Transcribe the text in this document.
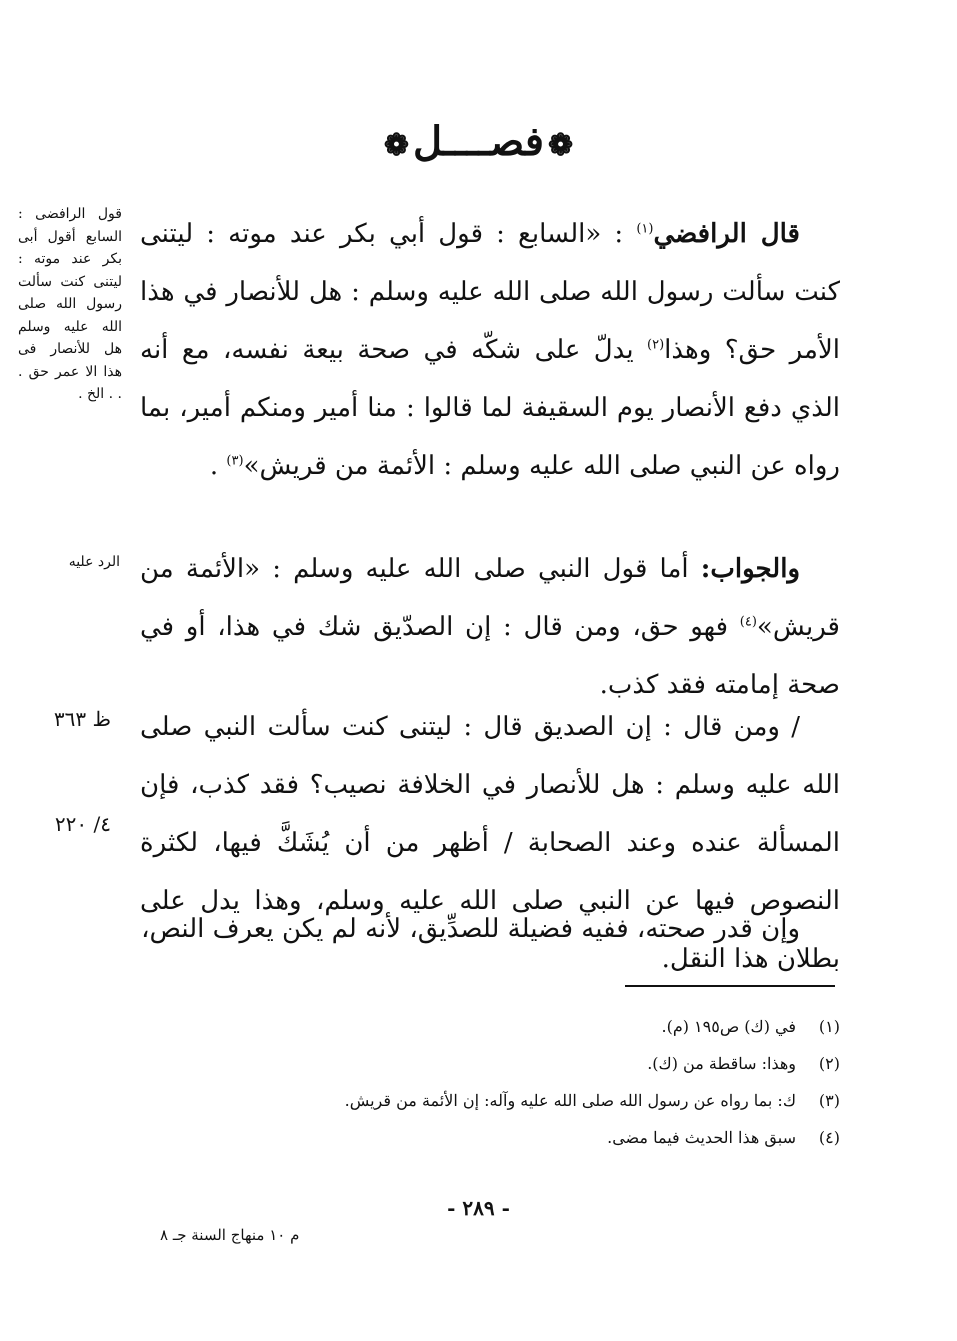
❁فصــــل❁

قال الرافضي$^{(١)}$ : «السابع : قول أبي بكر عند موته : ليتنى كنت سألت رسول الله صلى الله عليه وسلم : هل للأنصار في هذا الأمر حق؟ وهذا$^{(٢)}$ يدلّ على شكّه في صحة بيعة نفسه، مع أنه الذي دفع الأنصار يوم السقيفة لما قالوا : منا أمير ومنكم أمير، بما رواه عن النبي صلى الله عليه وسلم : الأئمة من قريش»$^{(٣)}$ .

والجواب: أما قول النبي صلى الله عليه وسلم : «الأئمة من قريش»$^{(٤)}$ فهو حق، ومن قال : إن الصدّيق شك في هذا، أو في صحة إمامته فقد كذب.

/ ومن قال : إن الصديق قال : ليتنى كنت سألت النبي صلى الله عليه وسلم : هل للأنصار في الخلافة نصيب؟ فقد كذب، فإن المسألة عنده وعند الصحابة / أظهر من أن يُشَكَّ فيها، لكثرة النصوص فيها عن النبي صلى الله عليه وسلم، وهذا يدل على بطلان هذا النقل.

وإن قدر صحته، ففيه فضيلة للصدِّيق، لأنه لم يكن يعرف النص،

قول الرافضى : السابع أقول أبى بكر عند موته : ليتنى كنت سألت رسول الله صلى الله عليه وسلم هل للأنصار فى هذا الا عمر حق . . . الخ .
الرد عليه
ظ ٣٦٣
٤/ ٢٢٠
(١)
في (ك) ص١٩٥ (م).
(٢)
وهذا: ساقطة من (ك).
(٣)
ك: بما رواه عن رسول الله صلى الله عليه وآله: إن الأئمة من قريش.
(٤)
سبق هذا الحديث فيما مضى.
- ٢٨٩ -
م ١٠ منهاج السنة جـ ٨
